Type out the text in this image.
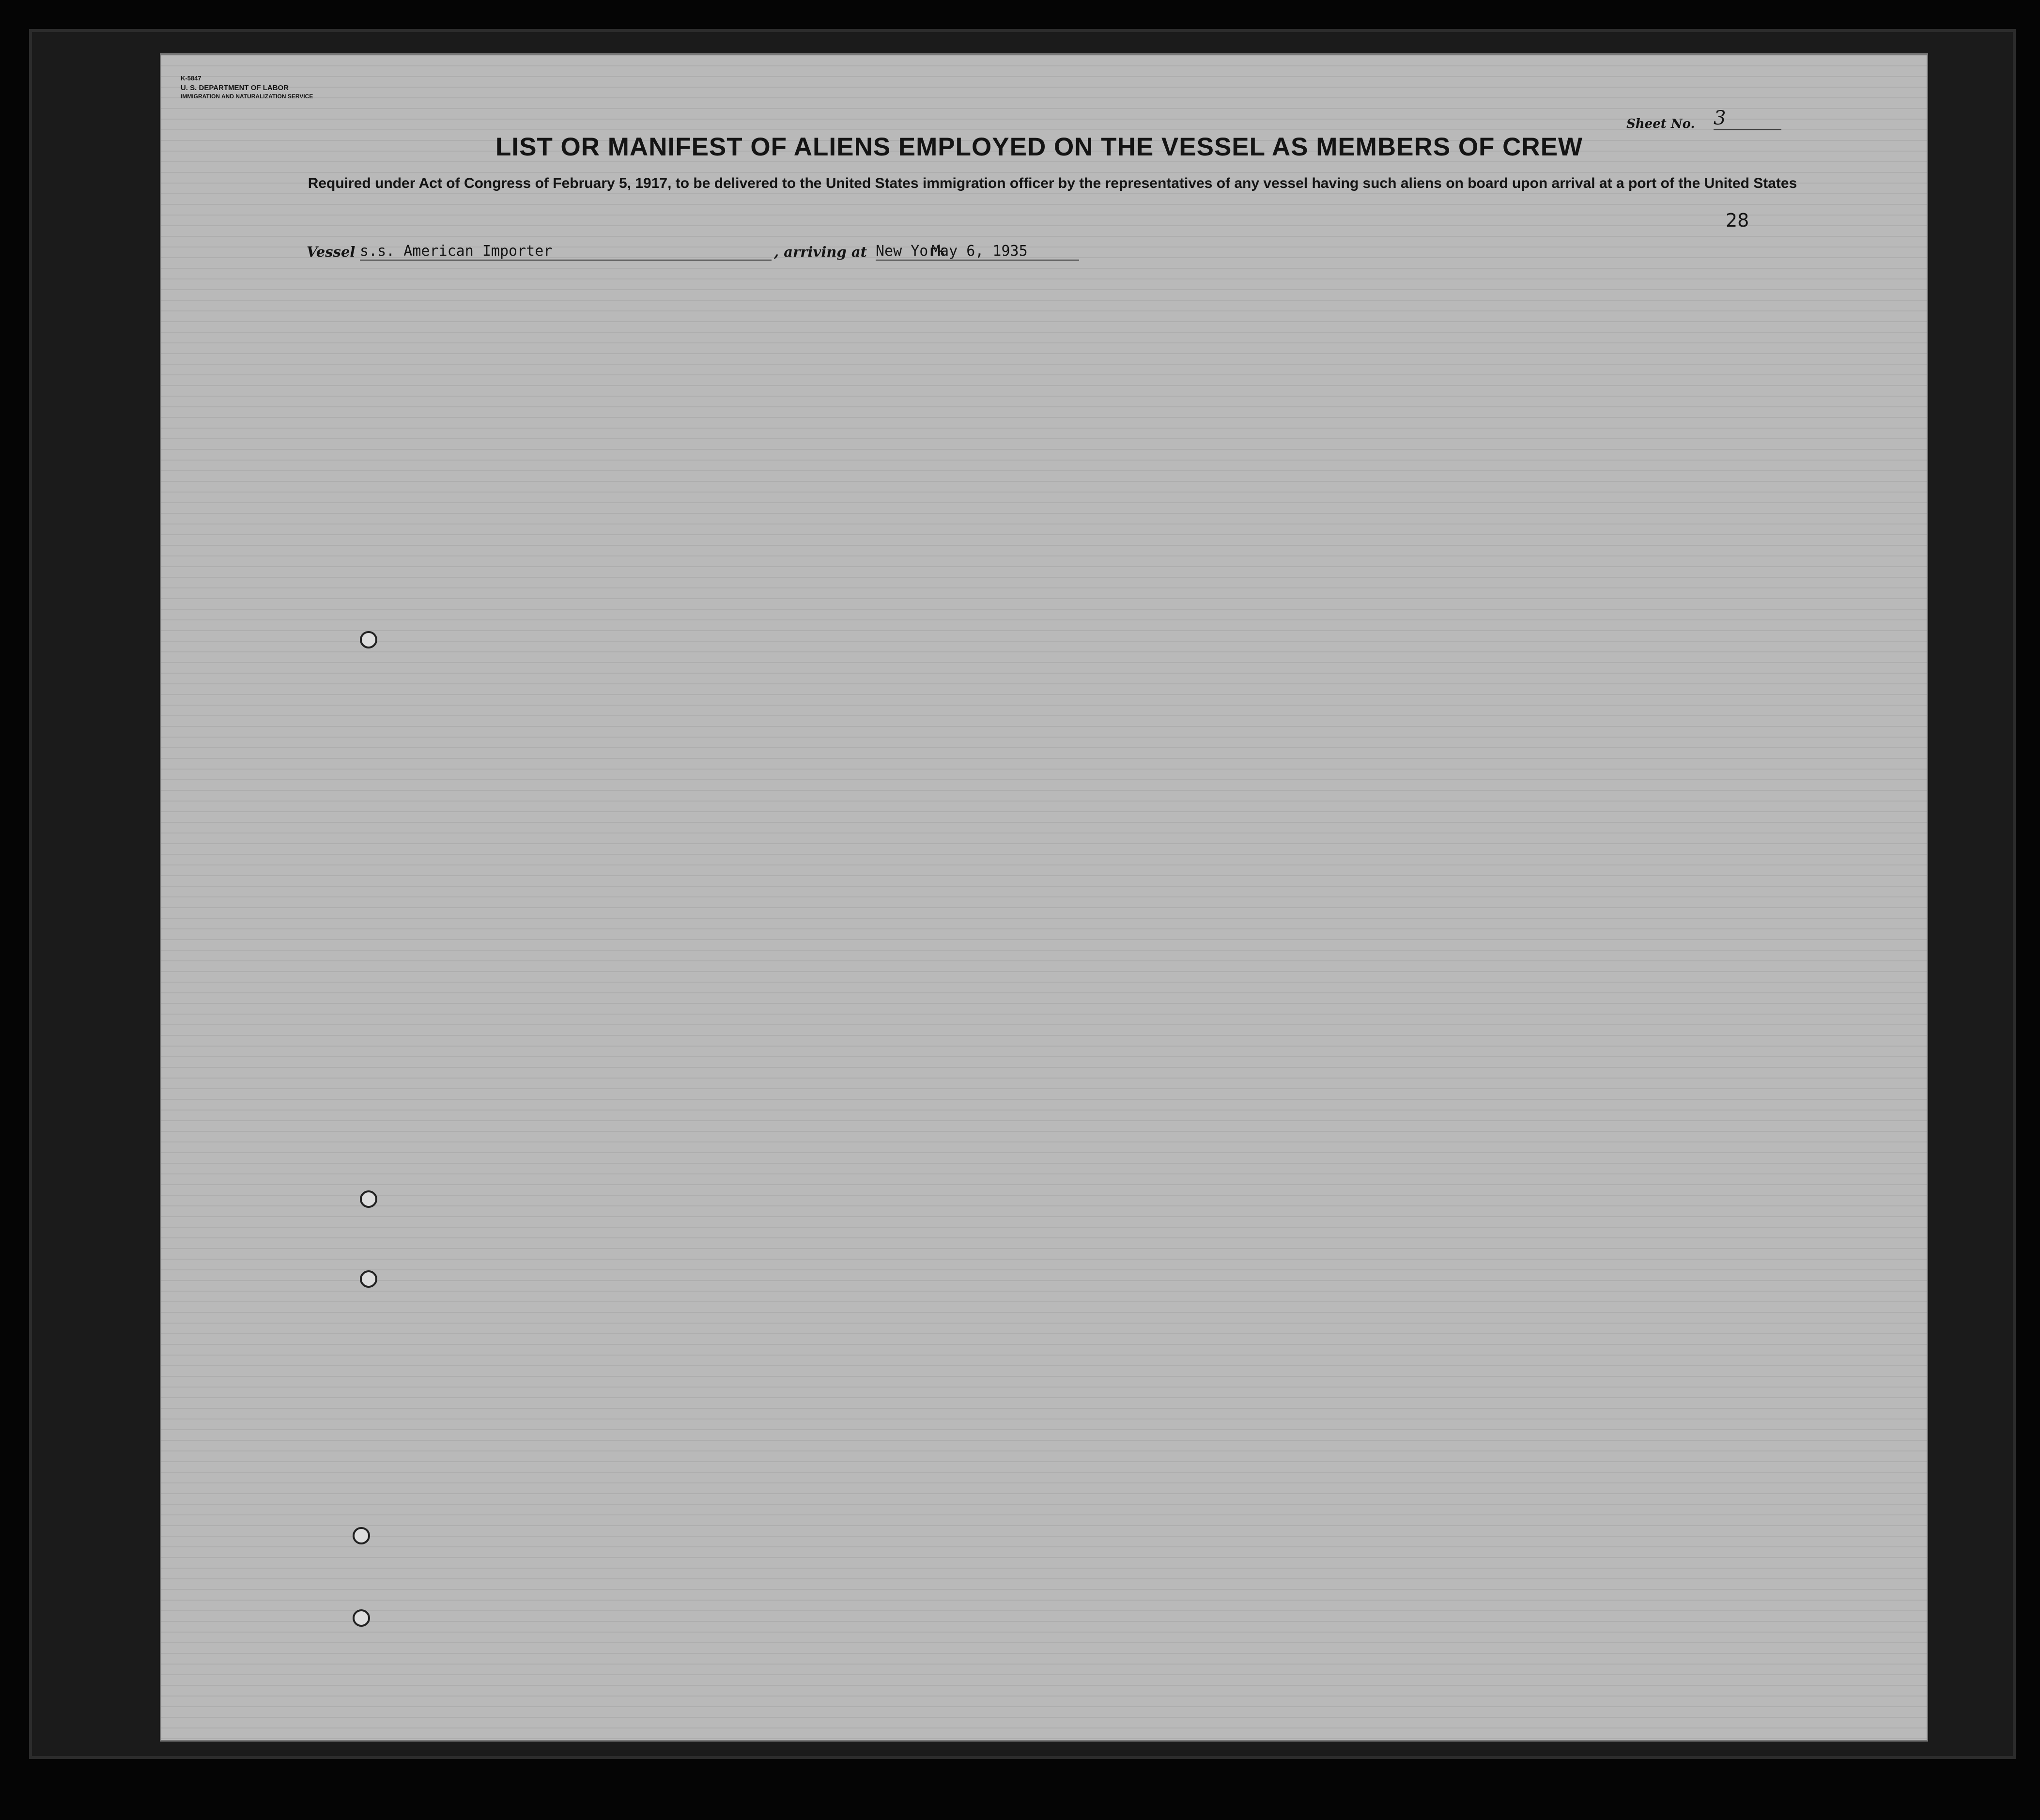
K-5847
U. S. DEPARTMENT OF LABOR
IMMIGRATION AND NATURALIZATION SERVICE
Sheet No. 3
LIST OR MANIFEST OF ALIENS EMPLOYED ON THE VESSEL AS MEMBERS OF CREW
Required under Act of Congress of February 5, 1917, to be delivered to the United States immigration officer by the representatives of any vessel having such aliens on board upon arrival at a port of the United States
28
Vessel s.s. American Importer	, arriving at New York
May 6, 1935
